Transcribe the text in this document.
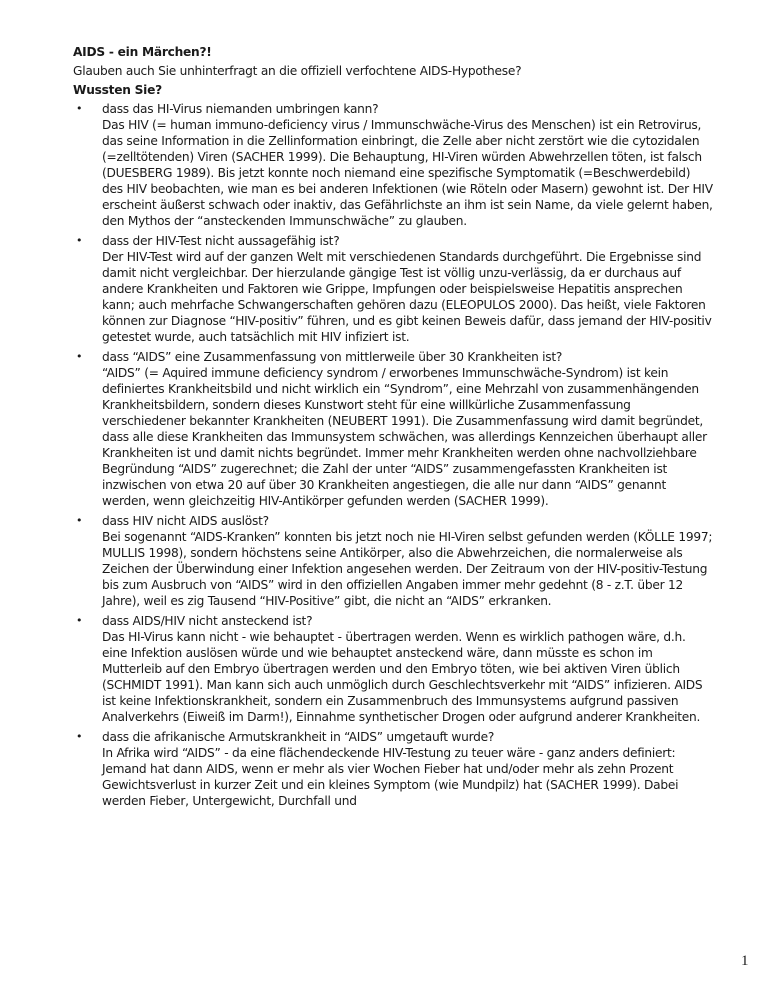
AIDS - ein Märchen?!
Glauben auch Sie unhinterfragt an die offiziell verfochtene AIDS-Hypothese?
Wussten Sie?
• dass das HI-Virus niemanden umbringen kann?
Das HIV (= human immuno-deficiency virus / Immunschwäche-Virus des Menschen) ist ein Retrovirus, das seine Information in die Zellinformation einbringt, die Zelle aber nicht zerstört wie die cytozidalen (=zelltötenden) Viren (SACHER 1999). Die Behauptung, HI-Viren würden Abwehrzellen töten, ist falsch (DUESBERG 1989). Bis jetzt konnte noch niemand eine spezifische Symptomatik (=Beschwerdebild) des HIV beobachten, wie man es bei anderen Infektionen (wie Röteln oder Masern) gewohnt ist. Der HIV erscheint äußerst schwach oder inaktiv, das Gefährlichste an ihm ist sein Name, da viele gelernt haben, den Mythos der “ansteckenden Immunschwäche” zu glauben.
• dass der HIV-Test nicht aussagefähig ist?
Der HIV-Test wird auf der ganzen Welt mit verschiedenen Standards durchgeführt. Die Ergebnisse sind damit nicht vergleichbar. Der hierzulande gängige Test ist völlig unzu-verlässig, da er durchaus auf andere Krankheiten und Faktoren wie Grippe, Impfungen oder beispielsweise Hepatitis ansprechen kann; auch mehrfache Schwangerschaften gehören dazu (ELEOPULOS 2000). Das heißt, viele Faktoren können zur Diagnose “HIV-positiv” führen, und es gibt keinen Beweis dafür, dass jemand der HIV-positiv getestet wurde, auch tatsächlich mit HIV infiziert ist.
• dass “AIDS” eine Zusammenfassung von mittlerweile über 30 Krankheiten ist?
“AIDS” (= Aquired immune deficiency syndrom / erworbenes Immunschwäche-Syndrom) ist kein definiertes Krankheitsbild und nicht wirklich ein “Syndrom”, eine Mehrzahl von zusammenhängenden Krankheitsbildern, sondern dieses Kunstwort steht für eine willkürliche Zusammenfassung verschiedener bekannter Krankheiten (NEUBERT 1991). Die Zusammenfassung wird damit begründet, dass alle diese Krankheiten das Immunsystem schwächen, was allerdings Kennzeichen überhaupt aller Krankheiten ist und damit nichts begründet. Immer mehr Krankheiten werden ohne nachvollziehbare Begründung “AIDS” zugerechnet; die Zahl der unter “AIDS” zusammengefassten Krankheiten ist inzwischen von etwa 20 auf über 30 Krankheiten angestiegen, die alle nur dann “AIDS” genannt werden, wenn gleichzeitig HIV-Antikörper gefunden werden (SACHER 1999).
• dass HIV nicht AIDS auslöst?
Bei sogenannt “AIDS-Kranken” konnten bis jetzt noch nie HI-Viren selbst gefunden werden (KÖLLE 1997; MULLIS 1998), sondern höchstens seine Antikörper, also die Abwehrzeichen, die normalerweise als Zeichen der Überwindung einer Infektion angesehen werden. Der Zeitraum von der HIV-positiv-Testung bis zum Ausbruch von “AIDS” wird in den offiziellen Angaben immer mehr gedehnt (8 - z.T. über 12 Jahre), weil es zig Tausend “HIV-Positive” gibt, die nicht an “AIDS” erkranken.
• dass AIDS/HIV nicht ansteckend ist?
Das HI-Virus kann nicht - wie behauptet - übertragen werden. Wenn es wirklich pathogen wäre, d.h. eine Infektion auslösen würde und wie behauptet ansteckend wäre, dann müsste es schon im Mutterleib auf den Embryo übertragen werden und den Embryo töten, wie bei aktiven Viren üblich (SCHMIDT 1991). Man kann sich auch unmöglich durch Geschlechtsverkehr mit “AIDS” infizieren. AIDS ist keine Infektionskrankheit, sondern ein Zusammenbruch des Immunsystems aufgrund passiven Analverkehrs (Eiweiß im Darm!), Einnahme synthetischer Drogen oder aufgrund anderer Krankheiten.
• dass die afrikanische Armutskrankheit in “AIDS” umgetauft wurde?
In Afrika wird “AIDS” - da eine flächendeckende HIV-Testung zu teuer wäre - ganz anders definiert: Jemand hat dann AIDS, wenn er mehr als vier Wochen Fieber hat und/oder mehr als zehn Prozent Gewichtsverlust in kurzer Zeit und ein kleines Symptom (wie Mundpilz) hat (SACHER 1999). Dabei werden Fieber, Untergewicht, Durchfall und
1
